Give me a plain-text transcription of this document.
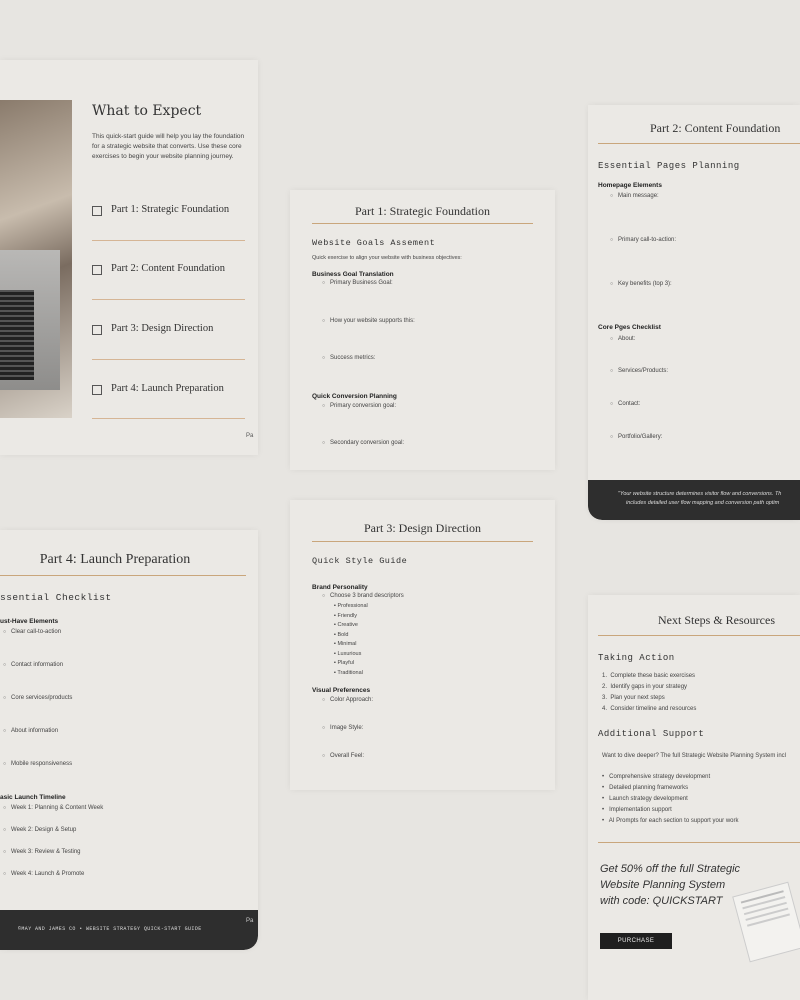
What to Expect
This quick-start guide will help you lay the foundation for a strategic website that converts. Use these core exercises to begin your website planning journey.
Part 1: Strategic Foundation
Part 2: Content Foundation
Part 3: Design Direction
Part 4: Launch Preparation
Pa
Part 1: Strategic Foundation
Website Goals Assement
Quick exercise to align your website with business objectives:
Business Goal Translation
○ Primary Business Goal:
○ How your website supports this:
○ Success metrics:
Quick Conversion Planning
○ Primary conversion goal:
○ Secondary conversion goal:
Part 2: Content Foundation
Essential Pages Planning
Homepage Elements
○ Main message:
○ Primary call-to-action:
○ Key benefits (top 3):
Core Pges Checklist
○ About:
○ Services/Products:
○ Contact:
○ Portfolio/Gallery:
"Your website structure determines visitor flow and conversions. Th
includes detailed user flow mapping and conversion path optim
Part 4: Launch Preparation
ssential Checklist
ust-Have Elements
○ Clear call-to-action
○ Contact information
○ Core services/products
○ About information
○ Mobile responsiveness
asic Launch Timeline
○ Week 1: Planning & Content Week
○ Week 2: Design & Setup
○ Week 3: Review & Testing
○ Week 4: Launch & Promote
©MAY AND JAMES CO • WEBSITE STRATEGY QUICK-START GUIDE
Pa
Part 3: Design Direction
Quick Style Guide
Brand Personality
○ Choose 3 brand descriptors
▪ Professional
▪ Friendly
▪ Creative
▪ Bold
▪ Minimal
▪ Luxurious
▪ Playful
▪ Traditional
Visual Preferences
○ Color Approach:
○ Image Style:
○ Overall Feel:
Next Steps & Resources
Taking Action
1.  Complete these basic exercises
2.  Identify gaps in your strategy
3.  Plan your next steps
4.  Consider timeline and resources
Additional Support
Want to dive deeper? The full Strategic Website Planning System incl
•   Comprehensive strategy development
•   Detailed planning frameworks
•   Launch strategy development
•   Implementation support
•   AI Prompts for each section to support your work
Get 50% off the full Strategic
Website Planning System
with code: QUICKSTART
PURCHASE
